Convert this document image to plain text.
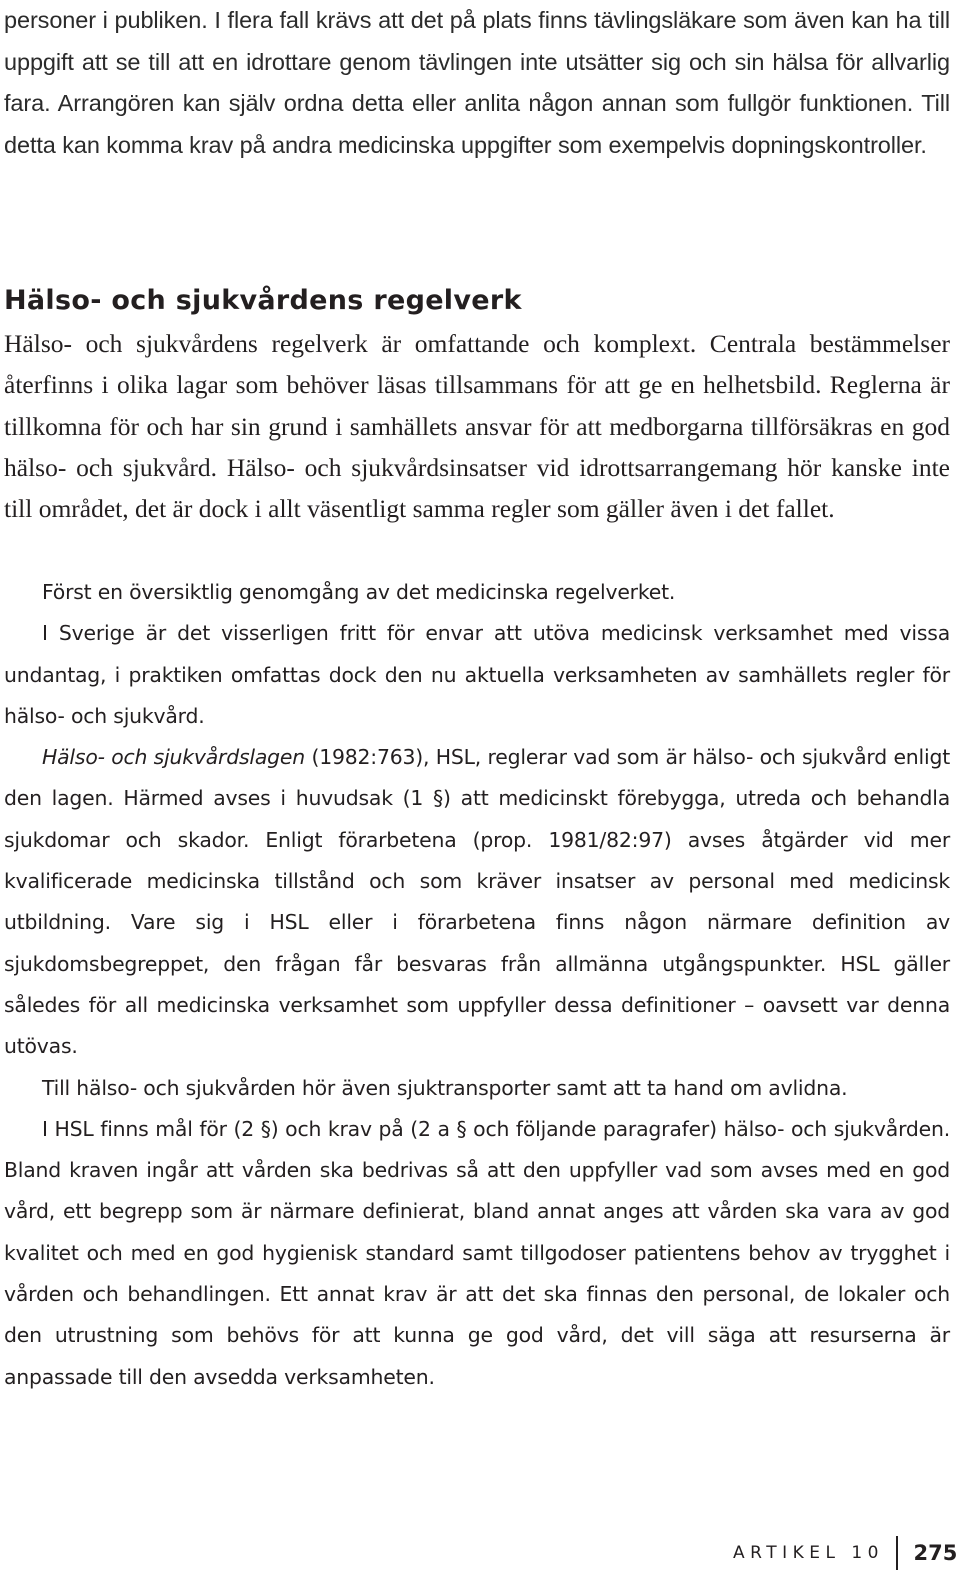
personer i publiken. I flera fall krävs att det på plats finns tävlingsläkare som även kan ha till uppgift att se till att en idrottare genom tävlingen inte utsätter sig och sin hälsa för allvarlig fara. Arrangören kan själv ordna detta eller anlita någon annan som fullgör funktionen. Till detta kan komma krav på andra medicinska uppgifter som exempelvis dopningskontroller.

Hälso- och sjukvårdens regelverk

Hälso- och sjukvårdens regelverk är omfattande och komplext. Centrala bestämmelser återfinns i olika lagar som behöver läsas tillsammans för att ge en helhetsbild. Reglerna är tillkomna för och har sin grund i samhällets ansvar för att medborgarna tillförsäkras en god hälso- och sjukvård. Hälso- och sjukvårdsinsatser vid idrottsarrangemang hör kanske inte till området, det är dock i allt väsentligt samma regler som gäller även i det fallet.

Först en översiktlig genomgång av det medicinska regelverket.

I Sverige är det visserligen fritt för envar att utöva medicinsk verksamhet med vissa undantag, i praktiken omfattas dock den nu aktuella verksamheten av samhällets regler för hälso- och sjukvård.

Hälso- och sjukvårdslagen (1982:763), HSL, reglerar vad som är hälso- och sjukvård enligt den lagen. Härmed avses i huvudsak (1 §) att medicinskt förebygga, utreda och behandla sjukdomar och skador. Enligt förarbetena (prop. 1981/82:97) avses åtgärder vid mer kvalificerade medicinska tillstånd och som kräver insatser av personal med medicinsk utbildning. Vare sig i HSL eller i förarbetena finns någon närmare definition av sjukdomsbegreppet, den frågan får besvaras från allmänna utgångspunkter. HSL gäller således för all medicinska verksamhet som uppfyller dessa definitioner – oavsett var denna utövas.

Till hälso- och sjukvården hör även sjuktransporter samt att ta hand om avlidna.

I HSL finns mål för (2 §) och krav på (2 a § och följande paragrafer) hälso- och sjukvården. Bland kraven ingår att vården ska bedrivas så att den uppfyller vad som avses med en god vård, ett begrepp som är närmare definierat, bland annat anges att vården ska vara av god kvalitet och med en god hygienisk standard samt tillgodoser patientens behov av trygghet i vården och behandlingen. Ett annat krav är att det ska finnas den personal, de lokaler och den utrustning som behövs för att kunna ge god vård, det vill säga att resurserna är anpassade till den avsedda verksamheten.

ARTIKEL 10 275
